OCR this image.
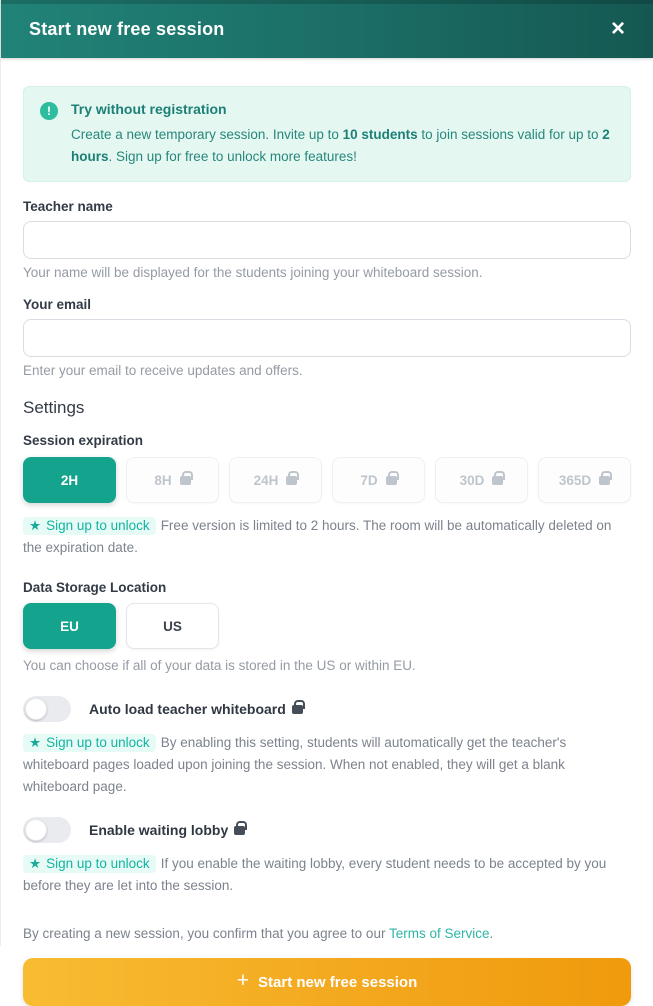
Start new free session	×
!	Try without registration
Create a new temporary session. Invite up to 10 students to join sessions valid for up to 2 hours. Sign up for free to unlock more features!
Teacher name
Your name will be displayed for the students joining your whiteboard session.
Your email
Enter your email to receive updates and offers.
Settings
Session expiration
2H	8H	24H	7D	30D	365D
★ Sign up to unlock Free version is limited to 2 hours. The room will be automatically deleted on the expiration date.
Data Storage Location
EU	US
You can choose if all of your data is stored in the US or within EU.
Auto load teacher whiteboard
★ Sign up to unlock By enabling this setting, students will automatically get the teacher's whiteboard pages loaded upon joining the session. When not enabled, they will get a blank whiteboard page.
Enable waiting lobby
★ Sign up to unlock If you enable the waiting lobby, every student needs to be accepted by you before they are let into the session.
By creating a new session, you confirm that you agree to our Terms of Service.
+ Start new free session
